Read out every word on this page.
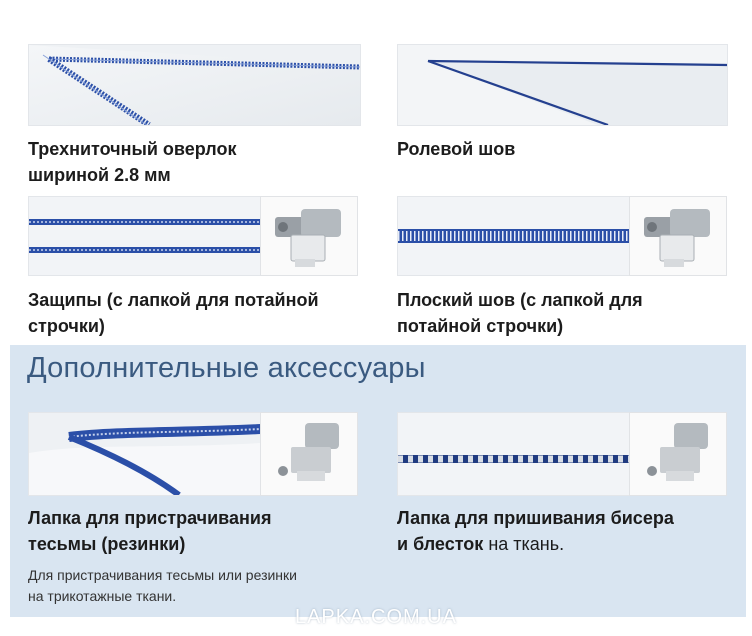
Трехниточный оверлок
шириной 2.8 мм

Ролевой шов

Защипы (с лапкой для потайной
строчки)

Плоский шов (с лапкой для
потайной строчки)

Дополнительные аксессуары

Лапка для пристрачивания
тесьмы (резинки)

Для пристрачивания тесьмы или резинки
на трикотажные ткани.

Лапка для пришивания бисера
и блесток на ткань.

LAPKA.COM.UA
